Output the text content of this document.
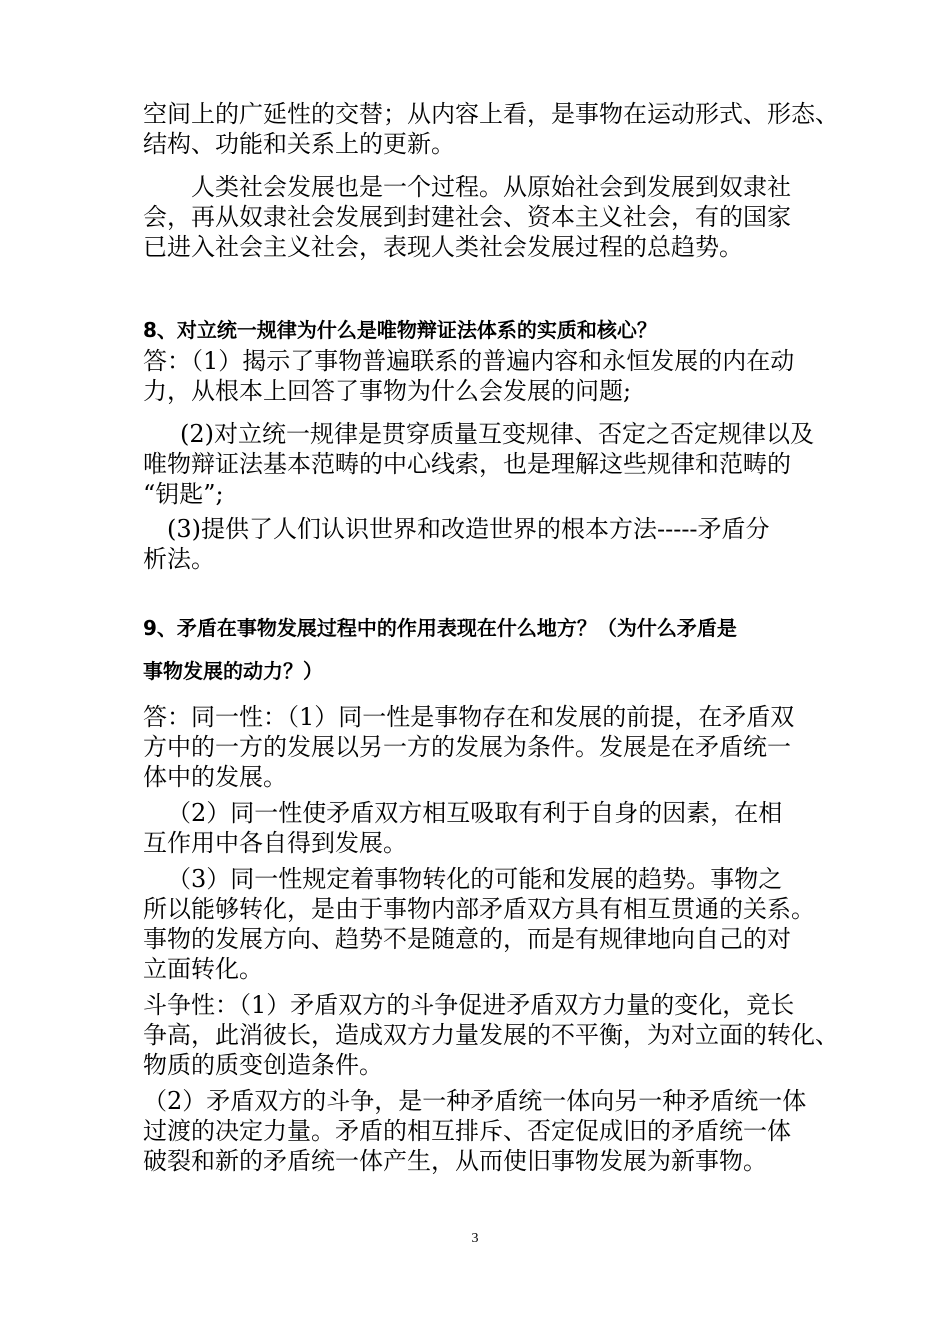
空间上的广延性的交替；从内容上看，是事物在运动形式、形态、

结构、功能和关系上的更新。

人类社会发展也是一个过程。从原始社会到发展到奴隶社

会，再从奴隶社会发展到封建社会、资本主义社会，有的国家

已进入社会主义社会，表现人类社会发展过程的总趋势。

8、对立统一规律为什么是唯物辩证法体系的实质和核心？

答：（1）揭示了事物普遍联系的普遍内容和永恒发展的内在动

力，从根本上回答了事物为什么会发展的问题;

(2)对立统一规律是贯穿质量互变规律、否定之否定规律以及

唯物辩证法基本范畴的中心线索，也是理解这些规律和范畴的

“钥匙”;

(3)提供了人们认识世界和改造世界的根本方法-----矛盾分

析法。

9、矛盾在事物发展过程中的作用表现在什么地方？（为什么矛盾是
事物发展的动力？）

答：同一性：（1）同一性是事物存在和发展的前提，在矛盾双

方中的一方的发展以另一方的发展为条件。发展是在矛盾统一

体中的发展。

（2）同一性使矛盾双方相互吸取有利于自身的因素，在相

互作用中各自得到发展。

（3）同一性规定着事物转化的可能和发展的趋势。事物之

所以能够转化，是由于事物内部矛盾双方具有相互贯通的关系。

事物的发展方向、趋势不是随意的，而是有规律地向自己的对

立面转化。

斗争性：（1）矛盾双方的斗争促进矛盾双方力量的变化，竞长

争高，此消彼长，造成双方力量发展的不平衡，为对立面的转化、

物质的质变创造条件。

（2）矛盾双方的斗争，是一种矛盾统一体向另一种矛盾统一体

过渡的决定力量。矛盾的相互排斥、否定促成旧的矛盾统一体

破裂和新的矛盾统一体产生，从而使旧事物发展为新事物。

3
